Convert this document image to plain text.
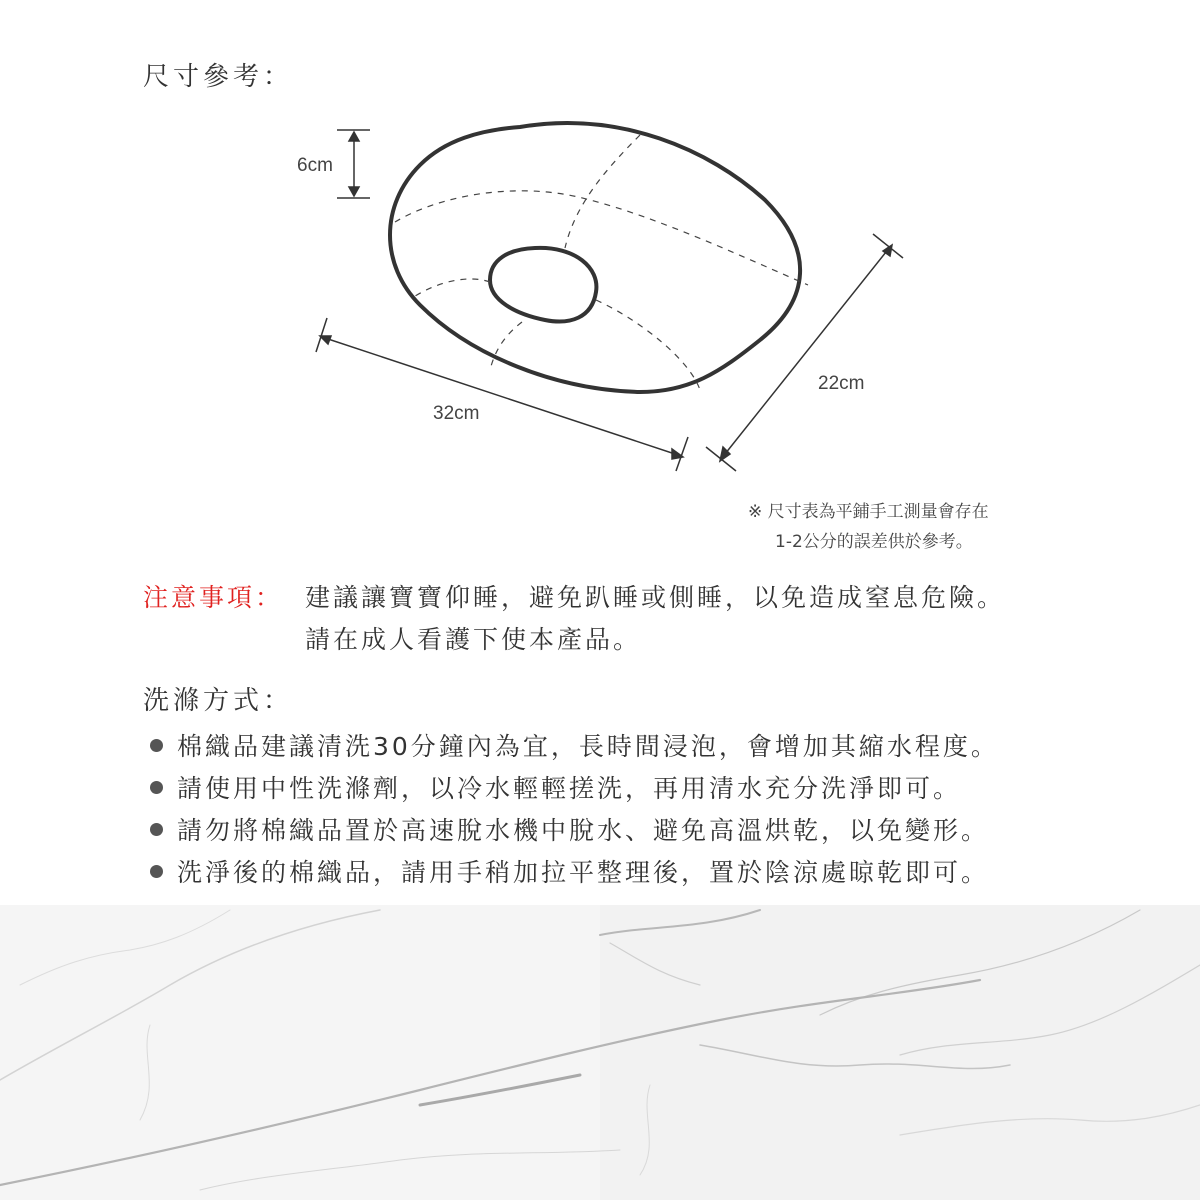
尺寸參考：
6cm
32cm
22cm
※ 尺寸表為平鋪手工測量會存在
1-2公分的誤差供於參考。
注意事項： 建議讓寶寶仰睡，避免趴睡或側睡，以免造成窒息危險。
請在成人看護下使本產品。
洗滌方式：
棉織品建議清洗30分鐘內為宜，長時間浸泡，會增加其縮水程度。
請使用中性洗滌劑，以冷水輕輕搓洗，再用清水充分洗淨即可。
請勿將棉織品置於高速脫水機中脫水、避免高溫烘乾，以免變形。
洗淨後的棉織品，請用手稍加拉平整理後，置於陰涼處晾乾即可。
